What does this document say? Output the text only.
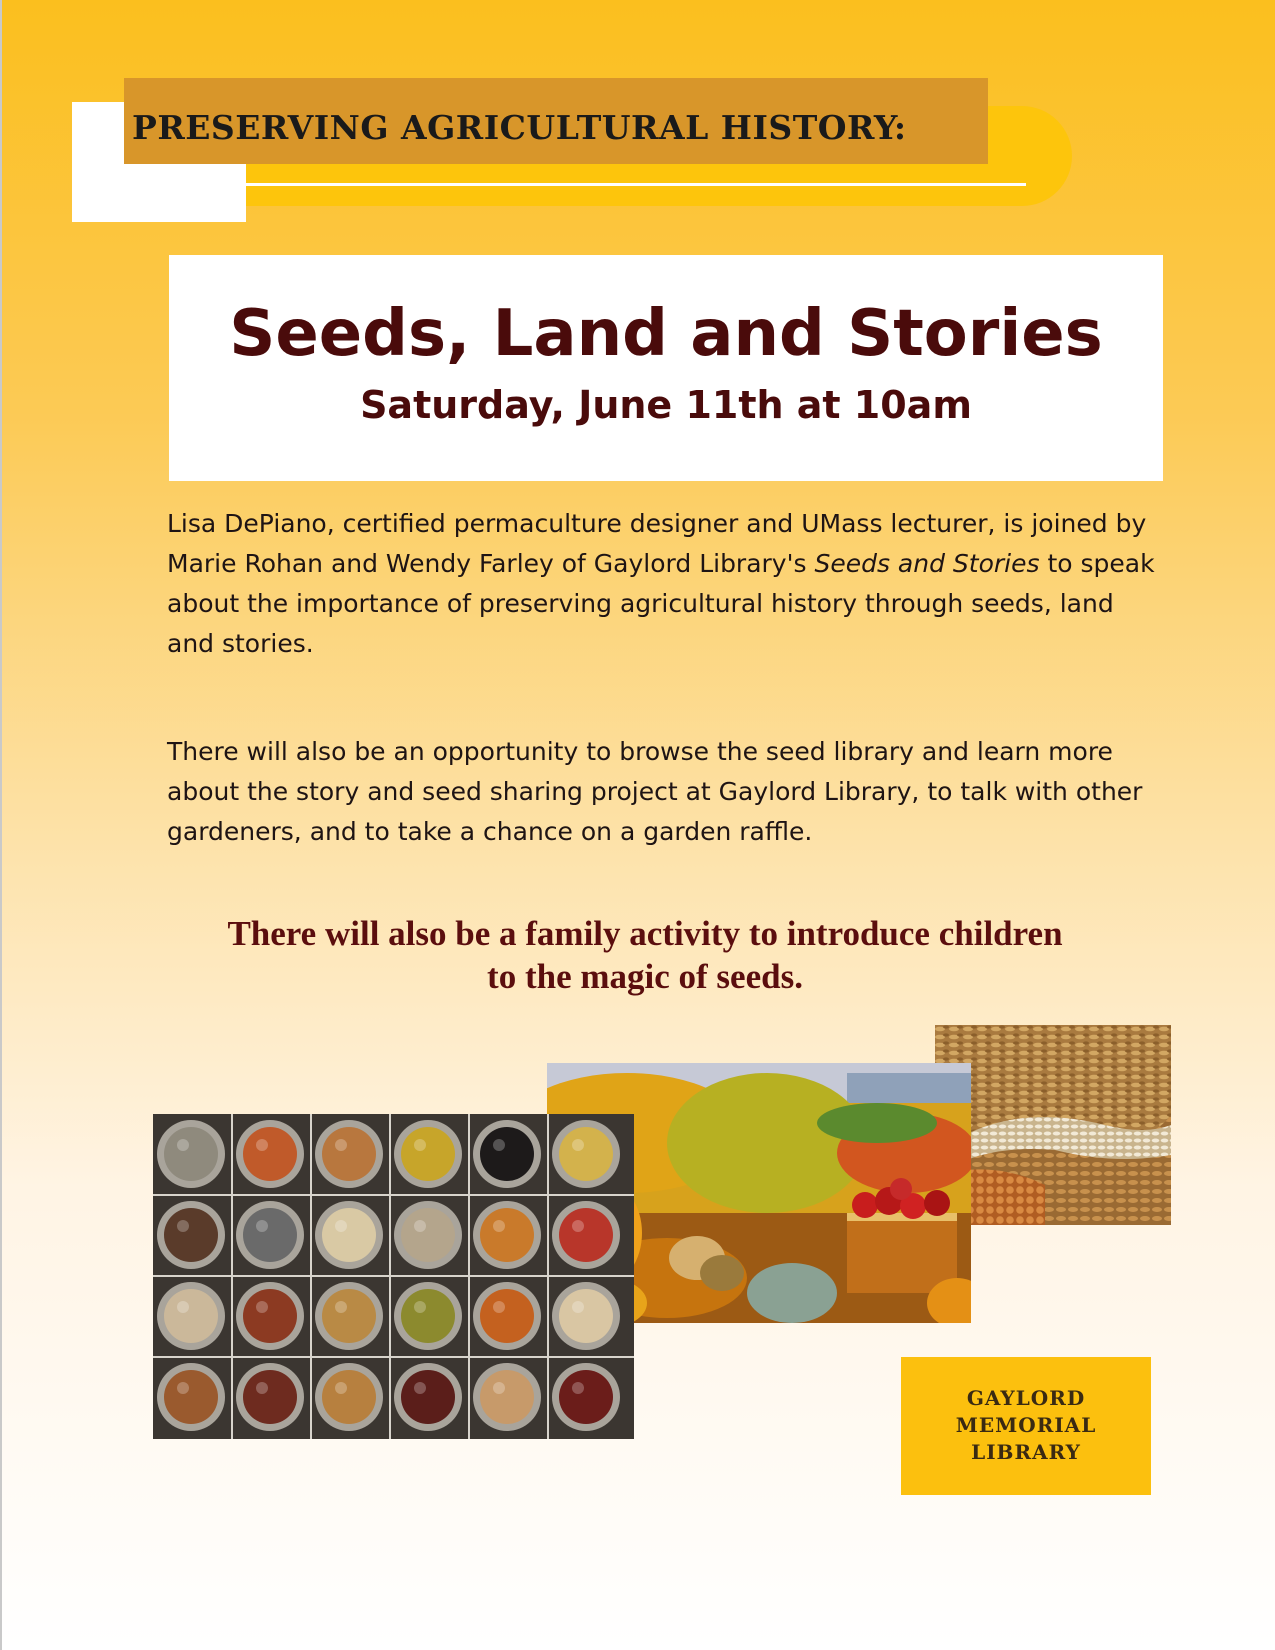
PRESERVING AGRICULTURAL HISTORY:
Seeds, Land and Stories
Saturday, June 11th at 10am

Lisa DePiano, certified permaculture designer and UMass lecturer, is joined by Marie Rohan and Wendy Farley of Gaylord Library's Seeds and Stories to speak about the importance of preserving agricultural history through seeds, land and stories.

There will also be an opportunity to browse the seed library and learn more about the story and seed sharing project at Gaylord Library, to talk with other gardeners, and to take a chance on a garden raffle.

There will also be a family activity to introduce children
to the magic of seeds.
GAYLORD
MEMORIAL
LIBRARY
